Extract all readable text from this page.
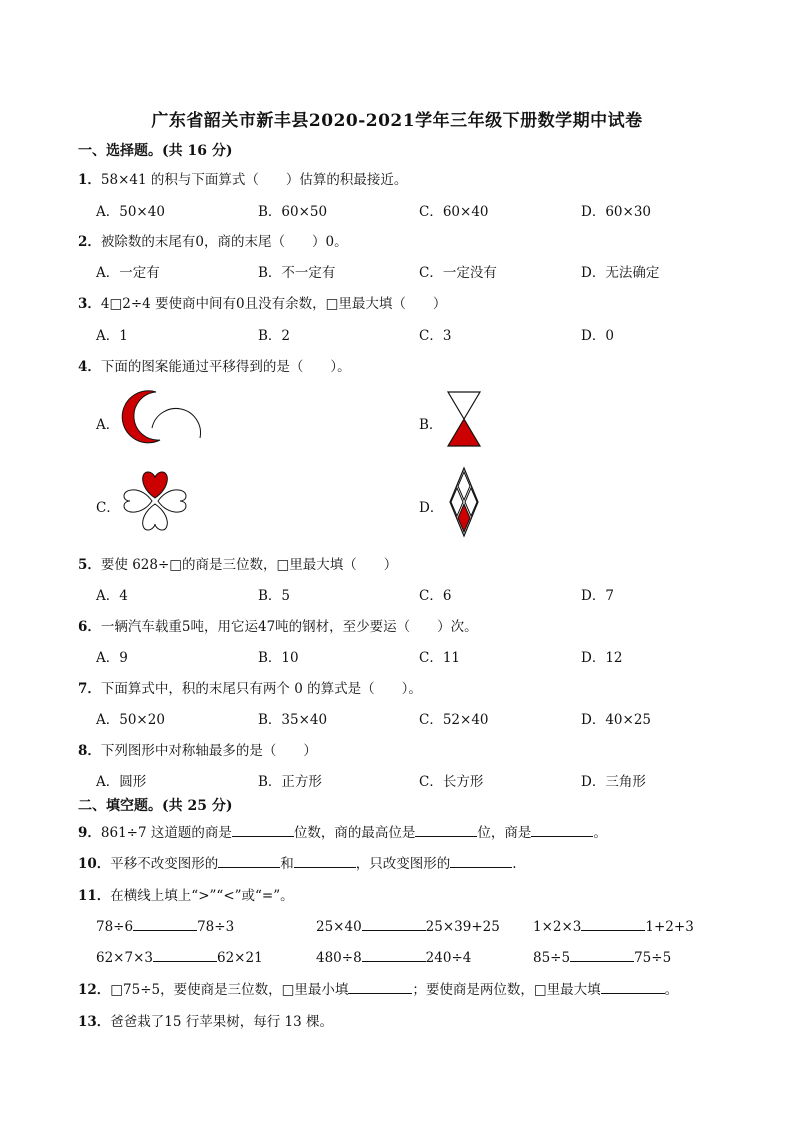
广东省韶关市新丰县2020-2021学年三年级下册数学期中试卷
一、选择题。(共 16 分)
1．58×41 的积与下面算式（　　）估算的积最接近。
A．50×40	B．60×50	C．60×40	D．60×30
2．被除数的末尾有0，商的末尾（　　）0。
A．一定有	B．不一定有	C．一定没有	D．无法确定
3．4□2÷4 要使商中间有0且没有余数，□里最大填（　　）
A．1	B．2	C．3	D．0
4．下面的图案能通过平移得到的是（　　）。
A．	B．
C．	D．
5．要使 628÷□的商是三位数，□里最大填（　　）
A．4	B．5	C．6	D．7
6．一辆汽车载重5吨，用它运47吨的钢材，至少要运（　　）次。
A．9	B．10	C．11	D．12
7．下面算式中，积的末尾只有两个 0 的算式是（　　）。
A．50×20	B．35×40	C．52×40	D．40×25
8．下列图形中对称轴最多的是（　　）
A．圆形	B．正方形	C．长方形	D．三角形
二、填空题。(共 25 分)
9．861÷7 这道题的商是	位数，商的最高位是	位，商是	。
10．平移不改变图形的	和	，只改变图形的	.
11．在横线上填上“>”“<”或“=”。
78÷6	78÷3	25×40	25×39+25 1×2×3	1+2+3
62×7×3	62×21	480÷8	240÷4	85÷5	75÷5
12．□75÷5，要使商是三位数，□里最小填	；要使商是两位数，□里最大填	。
13．爸爸栽了15 行苹果树，每行 13 棵。
